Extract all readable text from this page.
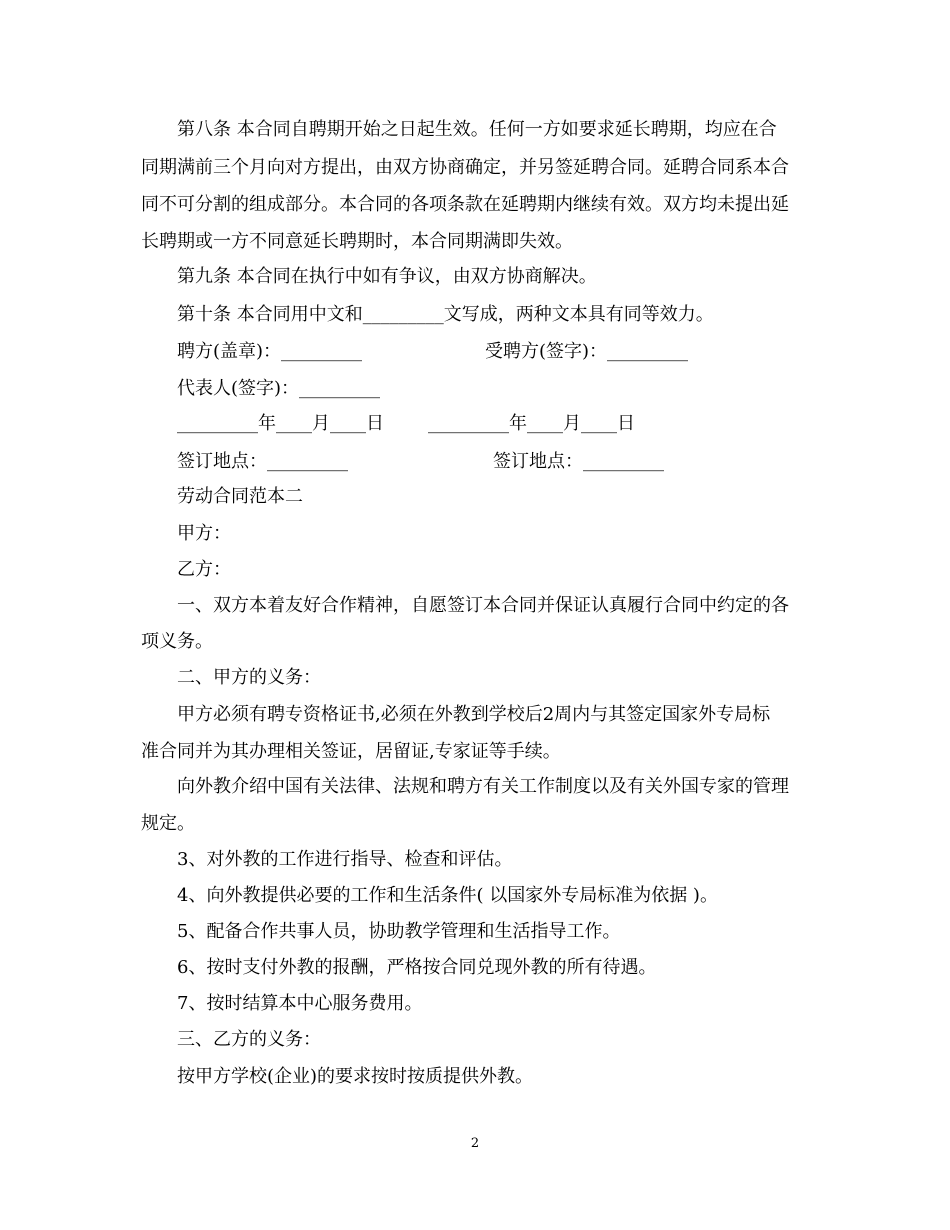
第八条 本合同自聘期开始之日起生效。任何一方如要求延长聘期，均应在合
同期满前三个月向对方提出，由双方协商确定，并另签延聘合同。延聘合同系本合
同不可分割的组成部分。本合同的各项条款在延聘期内继续有效。双方均未提出延
长聘期或一方不同意延长聘期时，本合同期满即失效。
第九条 本合同在执行中如有争议，由双方协商解决。
第十条 本合同用中文和_________文写成，两种文本具有同等效力。
聘方(盖章)：_________	受聘方(签字)：_________
代表人(签字)：_________
_________年____月____日 _________年____月____日
签订地点：_________	签订地点：_________
劳动合同范本二
甲方：
乙方：
一、双方本着友好合作精神，自愿签订本合同并保证认真履行合同中约定的各
项义务。
二、甲方的义务：
甲方必须有聘专资格证书,必须在外教到学校后2周内与其签定国家外专局标
准合同并为其办理相关签证，居留证,专家证等手续。
向外教介绍中国有关法律、法规和聘方有关工作制度以及有关外国专家的管理
规定。
3、对外教的工作进行指导、检查和评估。
4、向外教提供必要的工作和生活条件( 以国家外专局标准为依据 )。
5、配备合作共事人员，协助教学管理和生活指导工作。
6、按时支付外教的报酬，严格按合同兑现外教的所有待遇。
7、按时结算本中心服务费用。
三、乙方的义务：
按甲方学校(企业)的要求按时按质提供外教。
2
